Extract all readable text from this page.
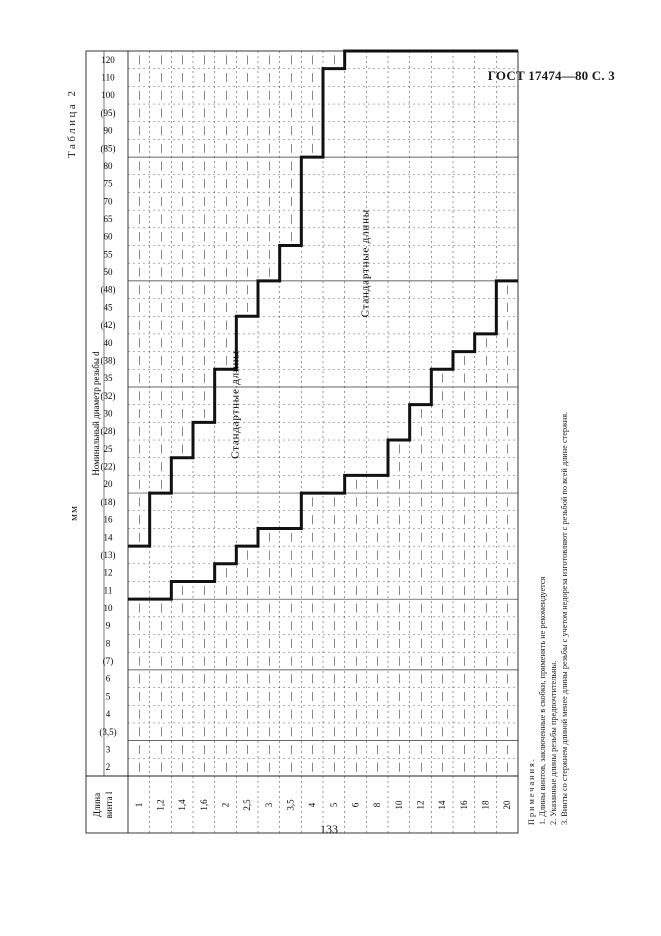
ГОСТ 17474—80 С. 3
Таблица 2
мм
Длина винта l
Номинальный диаметр резьбы d
2
3
(3,5)
4
5
6
(7)
8
9
10
11
12
(13)
14
16
(18)
20
(22)
25
(28)
30
(32)
35
(38)
40
(42)
45
(48)
50
55
60
65
70
75
80
(85)
90
(95)
100
110
120
1 1,2 1,4 1,6 2 2,5 3 3,5 4 5 6 8 10 12 14 16 18 20
—
—
—
—
—
—
—
—
—
—
—
—
—
—
—
—
—
—
—
—
—
—
—
—
—
—
—
—
—
—
—
—
—
—
—
—
—
—
—
—
—
—
—
—
—
—
—
—
—
—
—
—
—
—
—
—
—
—
—
—
—
—
—
—
—
—
—
—
—
—
—
—
—
—
—
—
—
—
—
—
—
—
—
—
—
—
—
—
—
—
—
—
—
—
—
—
—
—
—
—
—
—
—
—
—
—
—
—
—
—
—
—
—
—
—
—
—
—
—
—
—
—
—
—
—
—
—
—
—
—
—
—
—
—
—
—
—
—
—
—
—
—
—
—
—
—
—
—
—
—
—
—
—
—
—
—
—
—
—
—
—
—
—
—
—
—
—
—
—
—
—
—
—
—
—
—
—
—
—
—
—
—
—
—
—
—
—
—
—
—
—
—
—
—
—
—
—
—
—
—
—
—
—
—
—
—
—
—
—
—
—
—
—
—
—
—
—
—
—
—
—
—
—
—
—
—
—
—
—
—
—
—
—
—
—
—
—
—
—
—
—
—
—
—
—
—
—
—
—
—
—
—
—
—
—
—
—
—
—
—
—
—
—
—
—
—
—
—
—
—
—
—
—
—
—
—
—
—
—
—
—
—
—
—
—
—
—
—
—
—
—
—
—
—
—
—
—
—
—
—
—
—
—
—
—
—
—
—
—
—
—
—
—
—
—
—
—
—
—
—
—
—
—
—
—
—
—
—
—
—
—
—
—
—
—
—
—
—
—
—
—
—
—
—
—
—
—
—
—
—
—
—
—
—
—
—
—
—
—
—
—
—
—
—
—
—
—
—
—
—
—
—
—
—
—
—
—
—
—
—
—
—
—
—
—
—
—
—
—
—
—
—
—
—
—
—
—
—
—
—
—
—
—
—
—
—
—
—
—
—
—
—
—
—
—
—
—
—
—
—
—
—
—
—
—
—
—
—
—
—
—
—
—
—
—
—
—
—
—
—
—
—
—
—
—
—
—
—
—
—
—
—
—
—
—
—
—
—
—
—
—
—
Стандартные длины
Стандартные длины
Примечания. 1. Длины винтов, заключенные в скобки, применять не рекомендуется 2. Указанные длины резьбы предпочтительны. 3. Винты со стержнем длиной менее длины резьбы с учетом недореза изготовляют с резьбой по всей длине стержня.
133
